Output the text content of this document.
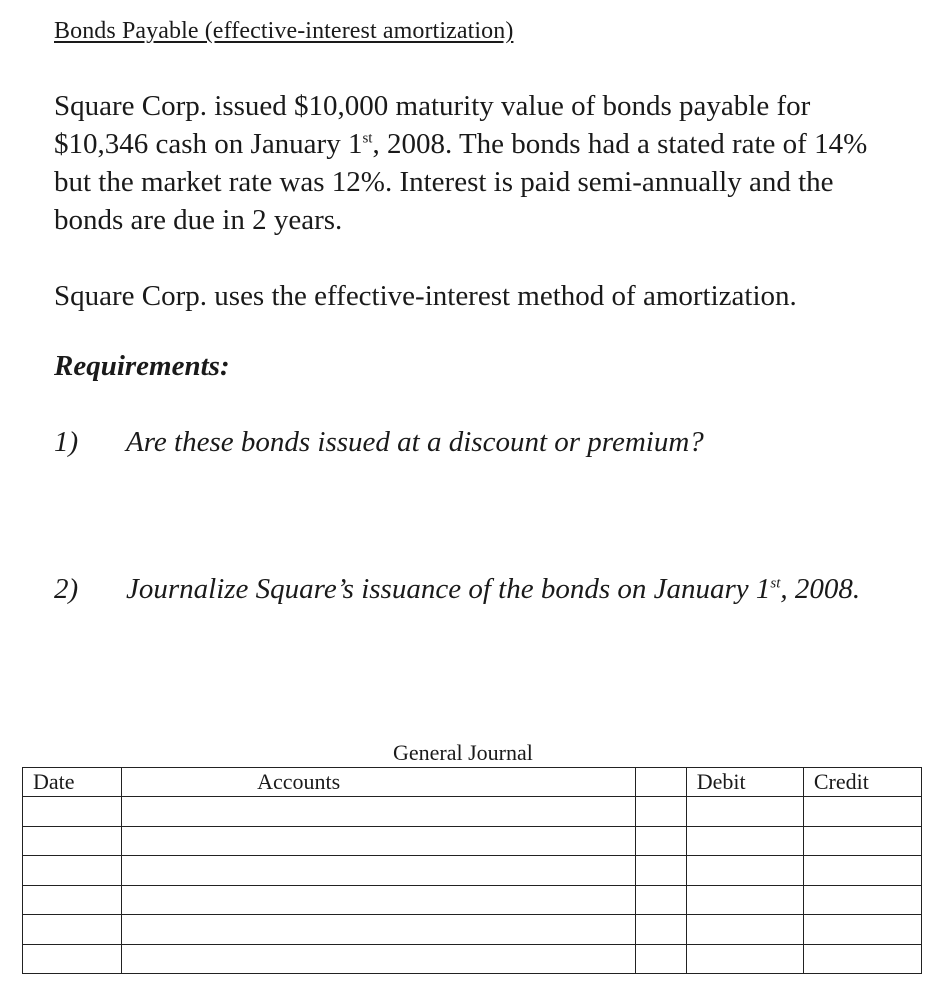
Bonds Payable (effective-interest amortization)

Square Corp. issued $10,000 maturity value of bonds payable for $10,346 cash on January 1st, 2008. The bonds had a stated rate of 14% but the market rate was 12%. Interest is paid semi-annually and the bonds are due in 2 years.

Square Corp. uses the effective-interest method of amortization.

Requirements:
1) Are these bonds issued at a discount or premium?
2) Journalize Square’s issuance of the bonds on January 1st, 2008.
General Journal
Date	Accounts		Debit	Credit
